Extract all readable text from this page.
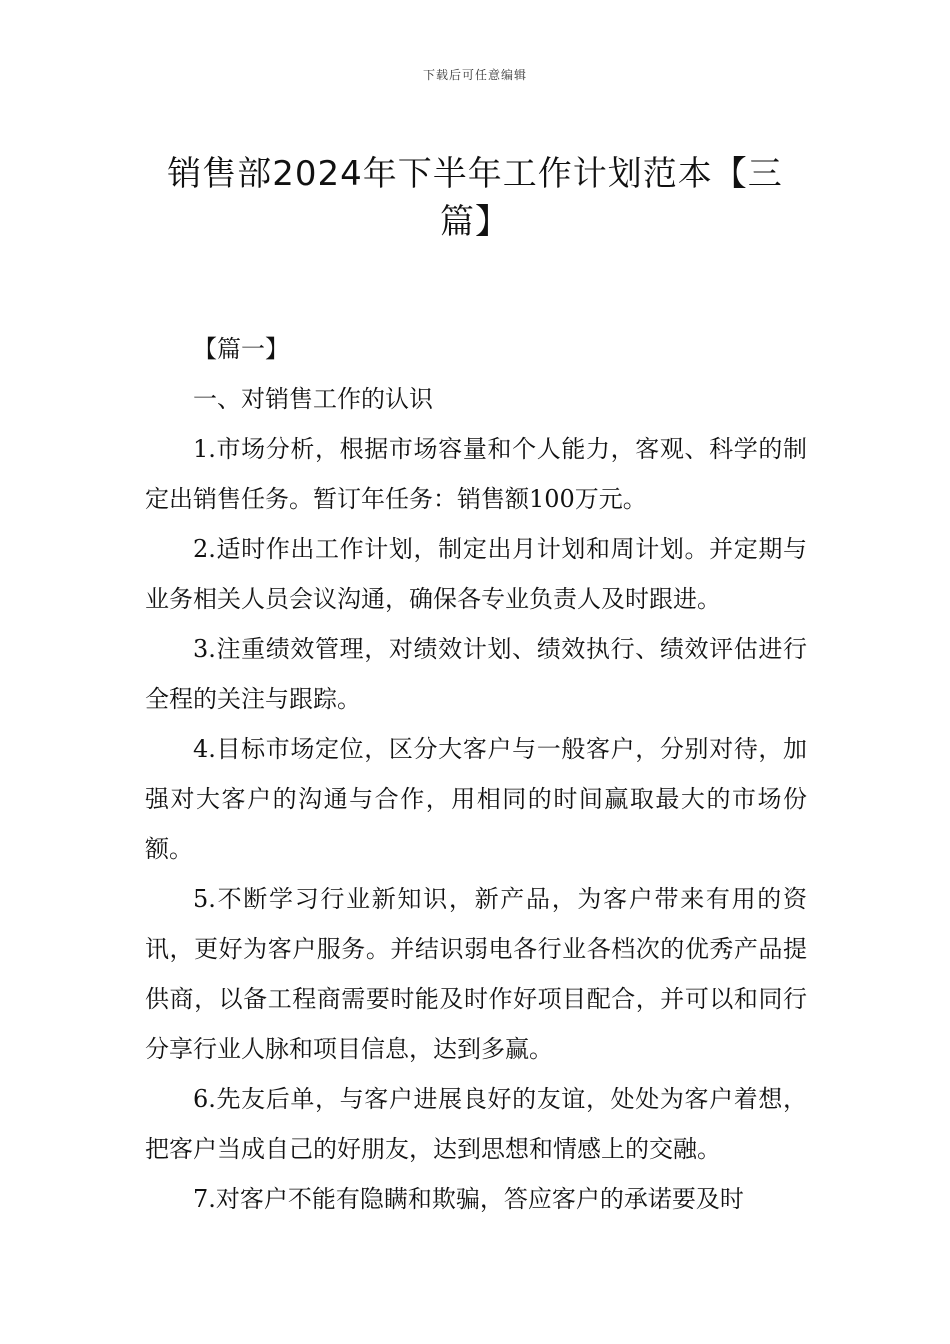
下载后可任意编辑
销售部2024年下半年工作计划范本【三篇】

【篇一】

一、对销售工作的认识

1.市场分析，根据市场容量和个人能力，客观、科学的制定出销售任务。暂订年任务：销售额100万元。

2.适时作出工作计划，制定出月计划和周计划。并定期与业务相关人员会议沟通，确保各专业负责人及时跟进。

3.注重绩效管理，对绩效计划、绩效执行、绩效评估进行全程的关注与跟踪。

4.目标市场定位，区分大客户与一般客户，分别对待，加强对大客户的沟通与合作，用相同的时间赢取最大的市场份额。

5.不断学习行业新知识，新产品，为客户带来有用的资讯，更好为客户服务。并结识弱电各行业各档次的优秀产品提供商，以备工程商需要时能及时作好项目配合，并可以和同行分享行业人脉和项目信息，达到多赢。

6.先友后单，与客户进展良好的友谊，处处为客户着想，把客户当成自己的好朋友，达到思想和情感上的交融。

7.对客户不能有隐瞒和欺骗，答应客户的承诺要及时
